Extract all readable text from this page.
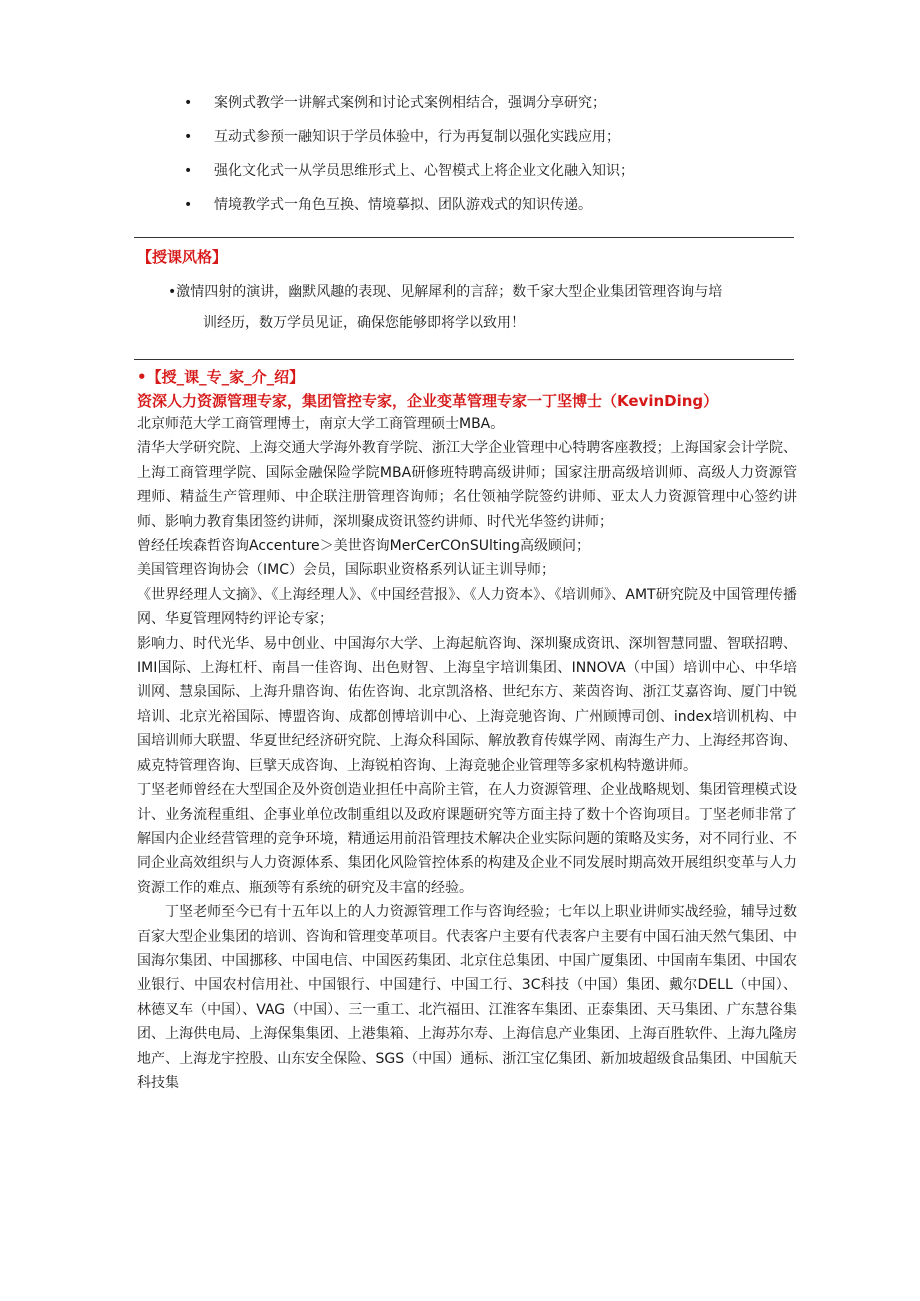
• 案例式教学一讲解式案例和讨论式案例相结合，强调分享研究；
• 互动式参预一融知识于学员体验中，行为再复制以强化实践应用；
• 强化文化式一从学员思维形式上、心智模式上将企业文化融入知识；
• 情境教学式一角色互换、情境摹拟、团队游戏式的知识传递。
【授课风格】
•激情四射的演讲，幽默风趣的表现、见解犀利的言辞；数千家大型企业集团管理咨询与培
训经历，数万学员见证，确保您能够即将学以致用！
•【授_课_专_家_介_绍】
资深人力资源管理专家，集团管控专家，企业变革管理专家一丁坚博士（KevinDing）

北京师范大学工商管理博士，南京大学工商管理硕士MBA。

清华大学研究院、上海交通大学海外教育学院、浙江大学企业管理中心特聘客座教授；上海国家会计学院、上海工商管理学院、国际金融保险学院MBA研修班特聘高级讲师；国家注册高级培训师、高级人力资源管理师、精益生产管理师、中企联注册管理咨询师；名仕领袖学院签约讲师、亚太人力资源管理中心签约讲师、影响力教育集团签约讲师，深圳聚成资讯签约讲师、时代光华签约讲师；

曾经任埃森哲咨询Accenture＞美世咨询MerCerCOnSUlting高级顾问；

美国管理咨询协会（IMC）会员，国际职业资格系列认证主训导师；

《世界经理人文摘》、《上海经理人》、《中国经营报》、《人力资本》、《培训师》、AMT研究院及中国管理传播网、华夏管理网特约评论专家；

影响力、时代光华、易中创业、中国海尔大学、上海起航咨询、深圳聚成资讯、深圳智慧同盟、智联招聘、IMI国际、上海杠杆、南昌一佳咨询、出色财智、上海皇宇培训集团、INNOVA（中国）培训中心、中华培训网、慧泉国际、上海升鼎咨询、佑佐咨询、北京凯洛格、世纪东方、莱茵咨询、浙江艾嘉咨询、厦门中锐培训、北京光裕国际、博盟咨询、成都创博培训中心、上海竞驰咨询、广州顾博司创、index培训机构、中国培训师大联盟、华夏世纪经济研究院、上海众科国际、解放教育传媒学网、南海生产力、上海经邦咨询、威克特管理咨询、巨擘天成咨询、上海锐柏咨询、上海竞驰企业管理等多家机构特邀讲师。

丁坚老师曾经在大型国企及外资创造业担任中高阶主管，在人力资源管理、企业战略规划、集团管理模式设计、业务流程重组、企事业单位改制重组以及政府课题研究等方面主持了数十个咨询项目。丁坚老师非常了解国内企业经营管理的竞争环境，精通运用前沿管理技术解决企业实际问题的策略及实务，对不同行业、不同企业高效组织与人力资源体系、集团化风险管控体系的构建及企业不同发展时期高效开展组织变革与人力资源工作的难点、瓶颈等有系统的研究及丰富的经验。

丁坚老师至今已有十五年以上的人力资源管理工作与咨询经验；七年以上职业讲师实战经验，辅导过数百家大型企业集团的培训、咨询和管理变革项目。代表客户主要有代表客户主要有中国石油天然气集团、中国海尔集团、中国挪移、中国电信、中国医药集团、北京住总集团、中国广厦集团、中国南车集团、中国农业银行、中国农村信用社、中国银行、中国建行、中国工行、3C科技（中国）集团、戴尔DELL（中国）、林德叉车（中国）、VAG（中国）、三一重工、北汽福田、江淮客车集团、正泰集团、天马集团、广东慧谷集团、上海供电局、上海保集集团、上港集箱、上海苏尔寿、上海信息产业集团、上海百胜软件、上海九隆房地产、上海龙宇控股、山东安全保险、SGS（中国）通标、浙江宝亿集团、新加坡超级食品集团、中国航天科技集
